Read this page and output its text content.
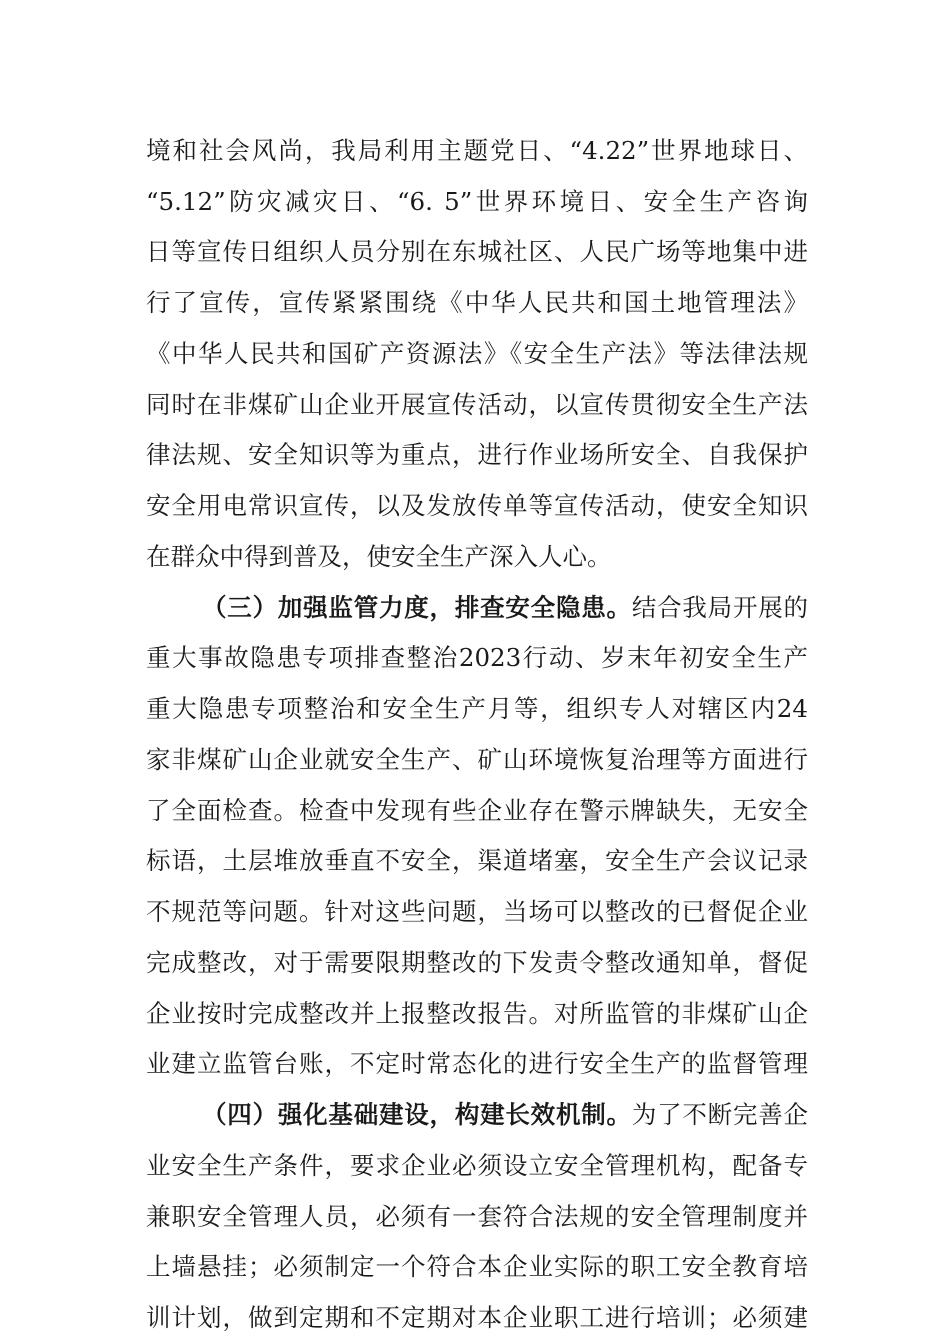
境和社会风尚，我局利用主题党日、“4.22”世界地球日、
“5.12”防灾减灾日、“6. 5”世界环境日、安全生产咨询
日等宣传日组织人员分别在东城社区、人民广场等地集中进
行了宣传，宣传紧紧围绕《中华人民共和国土地管理法》
《中华人民共和国矿产资源法》《安全生产法》等法律法规
同时在非煤矿山企业开展宣传活动，以宣传贯彻安全生产法
律法规、安全知识等为重点，进行作业场所安全、自我保护
安全用电常识宣传，以及发放传单等宣传活动，使安全知识
在群众中得到普及，使安全生产深入人心。
（三）加强监管力度，排查安全隐患。结合我局开展的
重大事故隐患专项排查整治2023行动、岁末年初安全生产
重大隐患专项整治和安全生产月等，组织专人对辖区内24
家非煤矿山企业就安全生产、矿山环境恢复治理等方面进行
了全面检查。检查中发现有些企业存在警示牌缺失，无安全
标语，土层堆放垂直不安全，渠道堵塞，安全生产会议记录
不规范等问题。针对这些问题，当场可以整改的已督促企业
完成整改，对于需要限期整改的下发责令整改通知单，督促
企业按时完成整改并上报整改报告。对所监管的非煤矿山企
业建立监管台账，不定时常态化的进行安全生产的监督管理
（四）强化基础建设，构建长效机制。为了不断完善企
业安全生产条件，要求企业必须设立安全管理机构，配备专
兼职安全管理人员，必须有一套符合法规的安全管理制度并
上墙悬挂；必须制定一个符合本企业实际的职工安全教育培
训计划，做到定期和不定期对本企业职工进行培训；必须建
